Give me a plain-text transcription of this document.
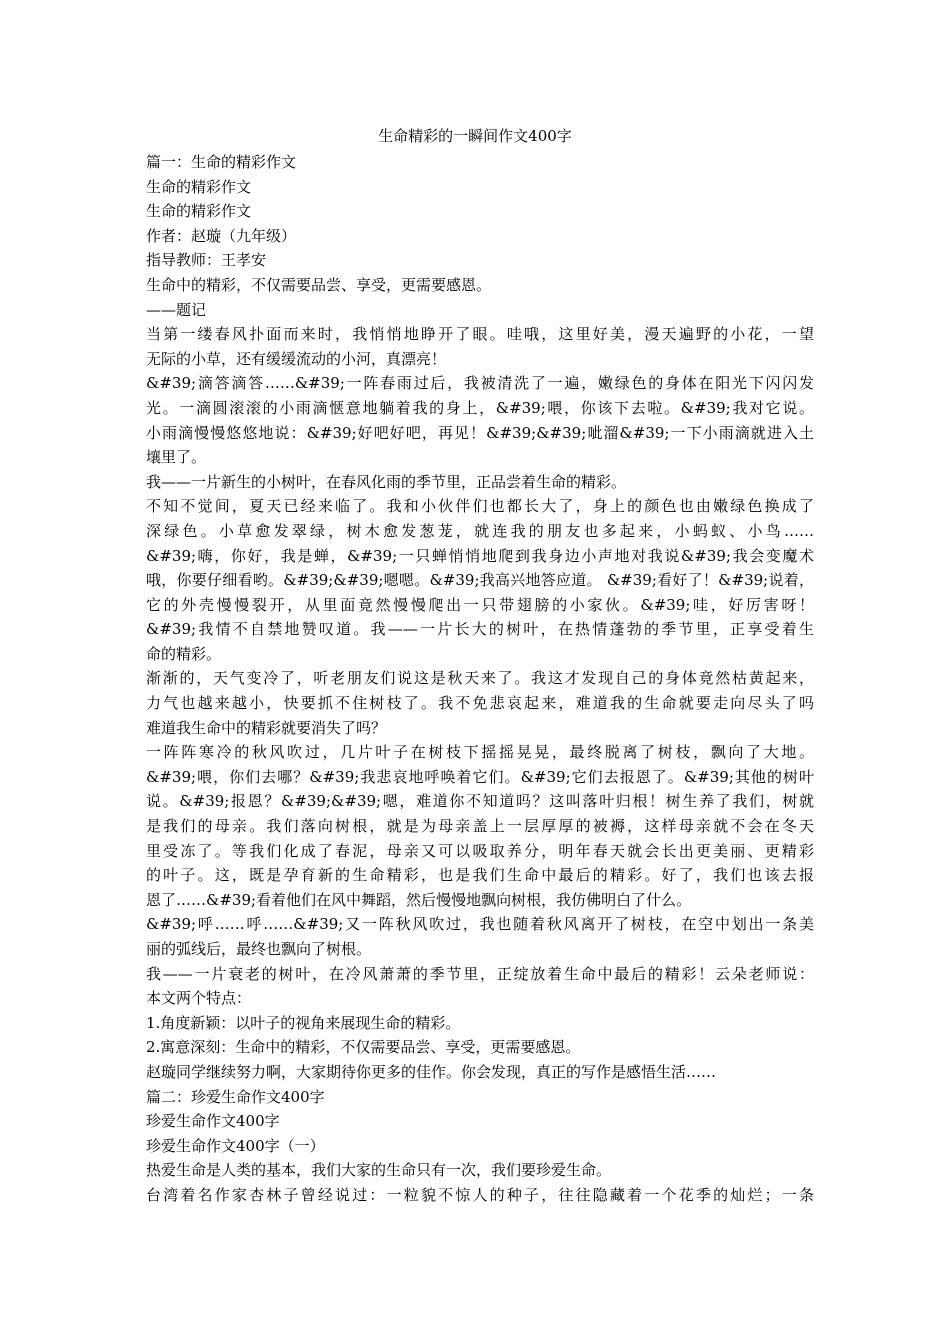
生命精彩的一瞬间作文400字
篇一：生命的精彩作文
生命的精彩作文
生命的精彩作文
作者：赵璇（九年级）
指导教师：王孝安
生命中的精彩，不仅需要品尝、享受，更需要感恩。
——题记
当第一缕春风扑面而来时，我悄悄地睁开了眼。哇哦，这里好美，漫天遍野的小花，一望
无际的小草，还有缓缓流动的小河，真漂亮！
&#39;滴答滴答……&#39;一阵春雨过后，我被清洗了一遍，嫩绿色的身体在阳光下闪闪发
光。一滴圆滚滚的小雨滴惬意地躺着我的身上，&#39;喂，你该下去啦。&#39;我对它说。
小雨滴慢慢悠悠地说：&#39;好吧好吧，再见！&#39;&#39;呲溜&#39;一下小雨滴就进入土
壤里了。
我——一片新生的小树叶，在春风化雨的季节里，正品尝着生命的精彩。
不知不觉间，夏天已经来临了。我和小伙伴们也都长大了，身上的颜色也由嫩绿色换成了
深绿色。小草愈发翠绿，树木愈发葱茏，就连我的朋友也多起来，小蚂蚁、小鸟……
&#39;嗨，你好，我是蝉，&#39;一只蝉悄悄地爬到我身边小声地对我说&#39;我会变魔术
哦，你要仔细看哟。&#39;&#39;嗯嗯。&#39;我高兴地答应道。 &#39;看好了！&#39;说着，
它的外壳慢慢裂开，从里面竟然慢慢爬出一只带翅膀的小家伙。&#39;哇，好厉害呀！
&#39;我情不自禁地赞叹道。我——一片长大的树叶，在热情蓬勃的季节里，正享受着生
命的精彩。
渐渐的，天气变冷了，听老朋友们说这是秋天来了。我这才发现自己的身体竟然枯黄起来，
力气也越来越小，快要抓不住树枝了。我不免悲哀起来，难道我的生命就要走向尽头了吗
难道我生命中的精彩就要消失了吗？
一阵阵寒冷的秋风吹过，几片叶子在树枝下摇摇晃晃，最终脱离了树枝，飘向了大地。
&#39;喂，你们去哪？&#39;我悲哀地呼唤着它们。&#39;它们去报恩了。&#39;其他的树叶
说。&#39;报恩？&#39;&#39;嗯，难道你不知道吗？这叫落叶归根！树生养了我们，树就
是我们的母亲。我们落向树根，就是为母亲盖上一层厚厚的被褥，这样母亲就不会在冬天
里受冻了。等我们化成了春泥，母亲又可以吸取养分，明年春天就会长出更美丽、更精彩
的叶子。这，既是孕育新的生命精彩，也是我们生命中最后的精彩。好了，我们也该去报
恩了……&#39;看着他们在风中舞蹈，然后慢慢地飘向树根，我仿佛明白了什么。
&#39;呼……呼……&#39;又一阵秋风吹过，我也随着秋风离开了树枝，在空中划出一条美
丽的弧线后，最终也飘向了树根。
我——一片衰老的树叶，在冷风萧萧的季节里，正绽放着生命中最后的精彩！云朵老师说：
本文两个特点：
1.角度新颖：以叶子的视角来展现生命的精彩。
2.寓意深刻：生命中的精彩，不仅需要品尝、享受，更需要感恩。
赵璇同学继续努力啊，大家期待你更多的佳作。你会发现，真正的写作是感悟生活……
篇二：珍爱生命作文400字
珍爱生命作文400字
珍爱生命作文400字（一）
热爱生命是人类的基本，我们大家的生命只有一次，我们要珍爱生命。
台湾着名作家杏林子曾经说过：一粒貌不惊人的种子，往往隐藏着一个花季的灿烂；一条
